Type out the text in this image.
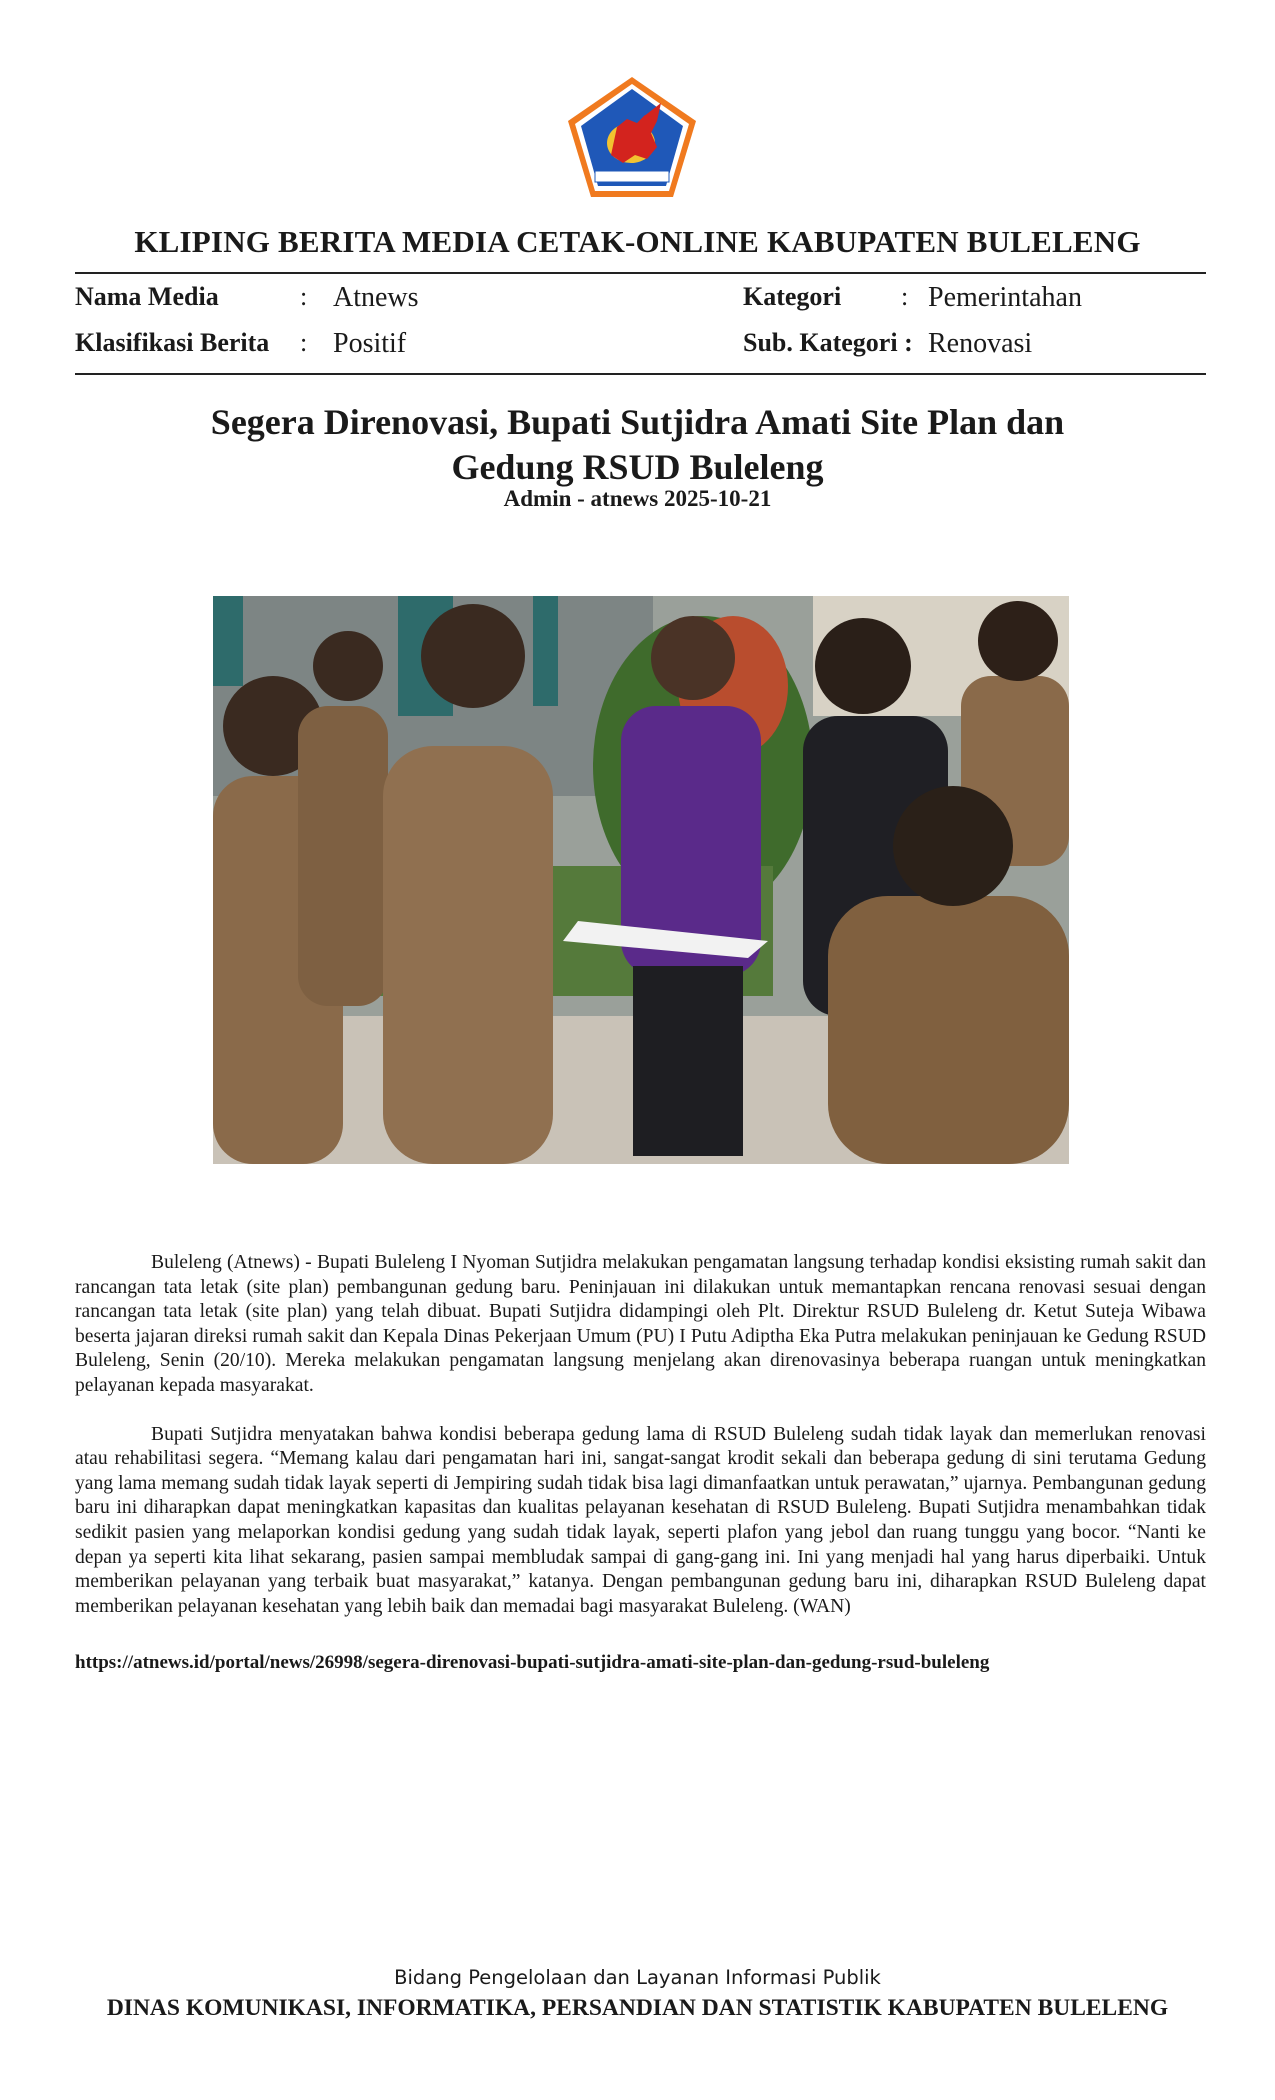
KLIPING BERITA MEDIA CETAK-ONLINE KABUPATEN BULELENG
Nama Media	: Atnews	Kategori : Pemerintahan
Klasifikasi Berita : Positif	Sub. Kategori : Renovasi
Segera Direnovasi, Bupati Sutjidra Amati Site Plan dan
Gedung RSUD Buleleng
Admin - atnews 2025-10-21

Buleleng (Atnews) - Bupati Buleleng I Nyoman Sutjidra melakukan pengamatan langsung terhadap kondisi eksisting rumah sakit dan rancangan tata letak (site plan) pembangunan gedung baru. Peninjauan ini dilakukan untuk memantapkan rencana renovasi sesuai dengan rancangan tata letak (site plan) yang telah dibuat. Bupati Sutjidra didampingi oleh Plt. Direktur RSUD Buleleng dr. Ketut Suteja Wibawa beserta jajaran direksi rumah sakit dan Kepala Dinas Pekerjaan Umum (PU) I Putu Adiptha Eka Putra melakukan peninjauan ke Gedung RSUD Buleleng, Senin (20/10). Mereka melakukan pengamatan langsung menjelang akan direnovasinya beberapa ruangan untuk meningkatkan pelayanan kepada masyarakat.

Bupati Sutjidra menyatakan bahwa kondisi beberapa gedung lama di RSUD Buleleng sudah tidak layak dan memerlukan renovasi atau rehabilitasi segera. “Memang kalau dari pengamatan hari ini, sangat-sangat krodit sekali dan beberapa gedung di sini terutama Gedung yang lama memang sudah tidak layak seperti di Jempiring sudah tidak bisa lagi dimanfaatkan untuk perawatan,” ujarnya. Pembangunan gedung baru ini diharapkan dapat meningkatkan kapasitas dan kualitas pelayanan kesehatan di RSUD Buleleng. Bupati Sutjidra menambahkan tidak sedikit pasien yang melaporkan kondisi gedung yang sudah tidak layak, seperti plafon yang jebol dan ruang tunggu yang bocor. “Nanti ke depan ya seperti kita lihat sekarang, pasien sampai membludak sampai di gang-gang ini. Ini yang menjadi hal yang harus diperbaiki. Untuk memberikan pelayanan yang terbaik buat masyarakat,” katanya. Dengan pembangunan gedung baru ini, diharapkan RSUD Buleleng dapat memberikan pelayanan kesehatan yang lebih baik dan memadai bagi masyarakat Buleleng. (WAN)

https://atnews.id/portal/news/26998/segera-direnovasi-bupati-sutjidra-amati-site-plan-dan-gedung-rsud-buleleng
Bidang Pengelolaan dan Layanan Informasi Publik
DINAS KOMUNIKASI, INFORMATIKA, PERSANDIAN DAN STATISTIK KABUPATEN BULELENG
